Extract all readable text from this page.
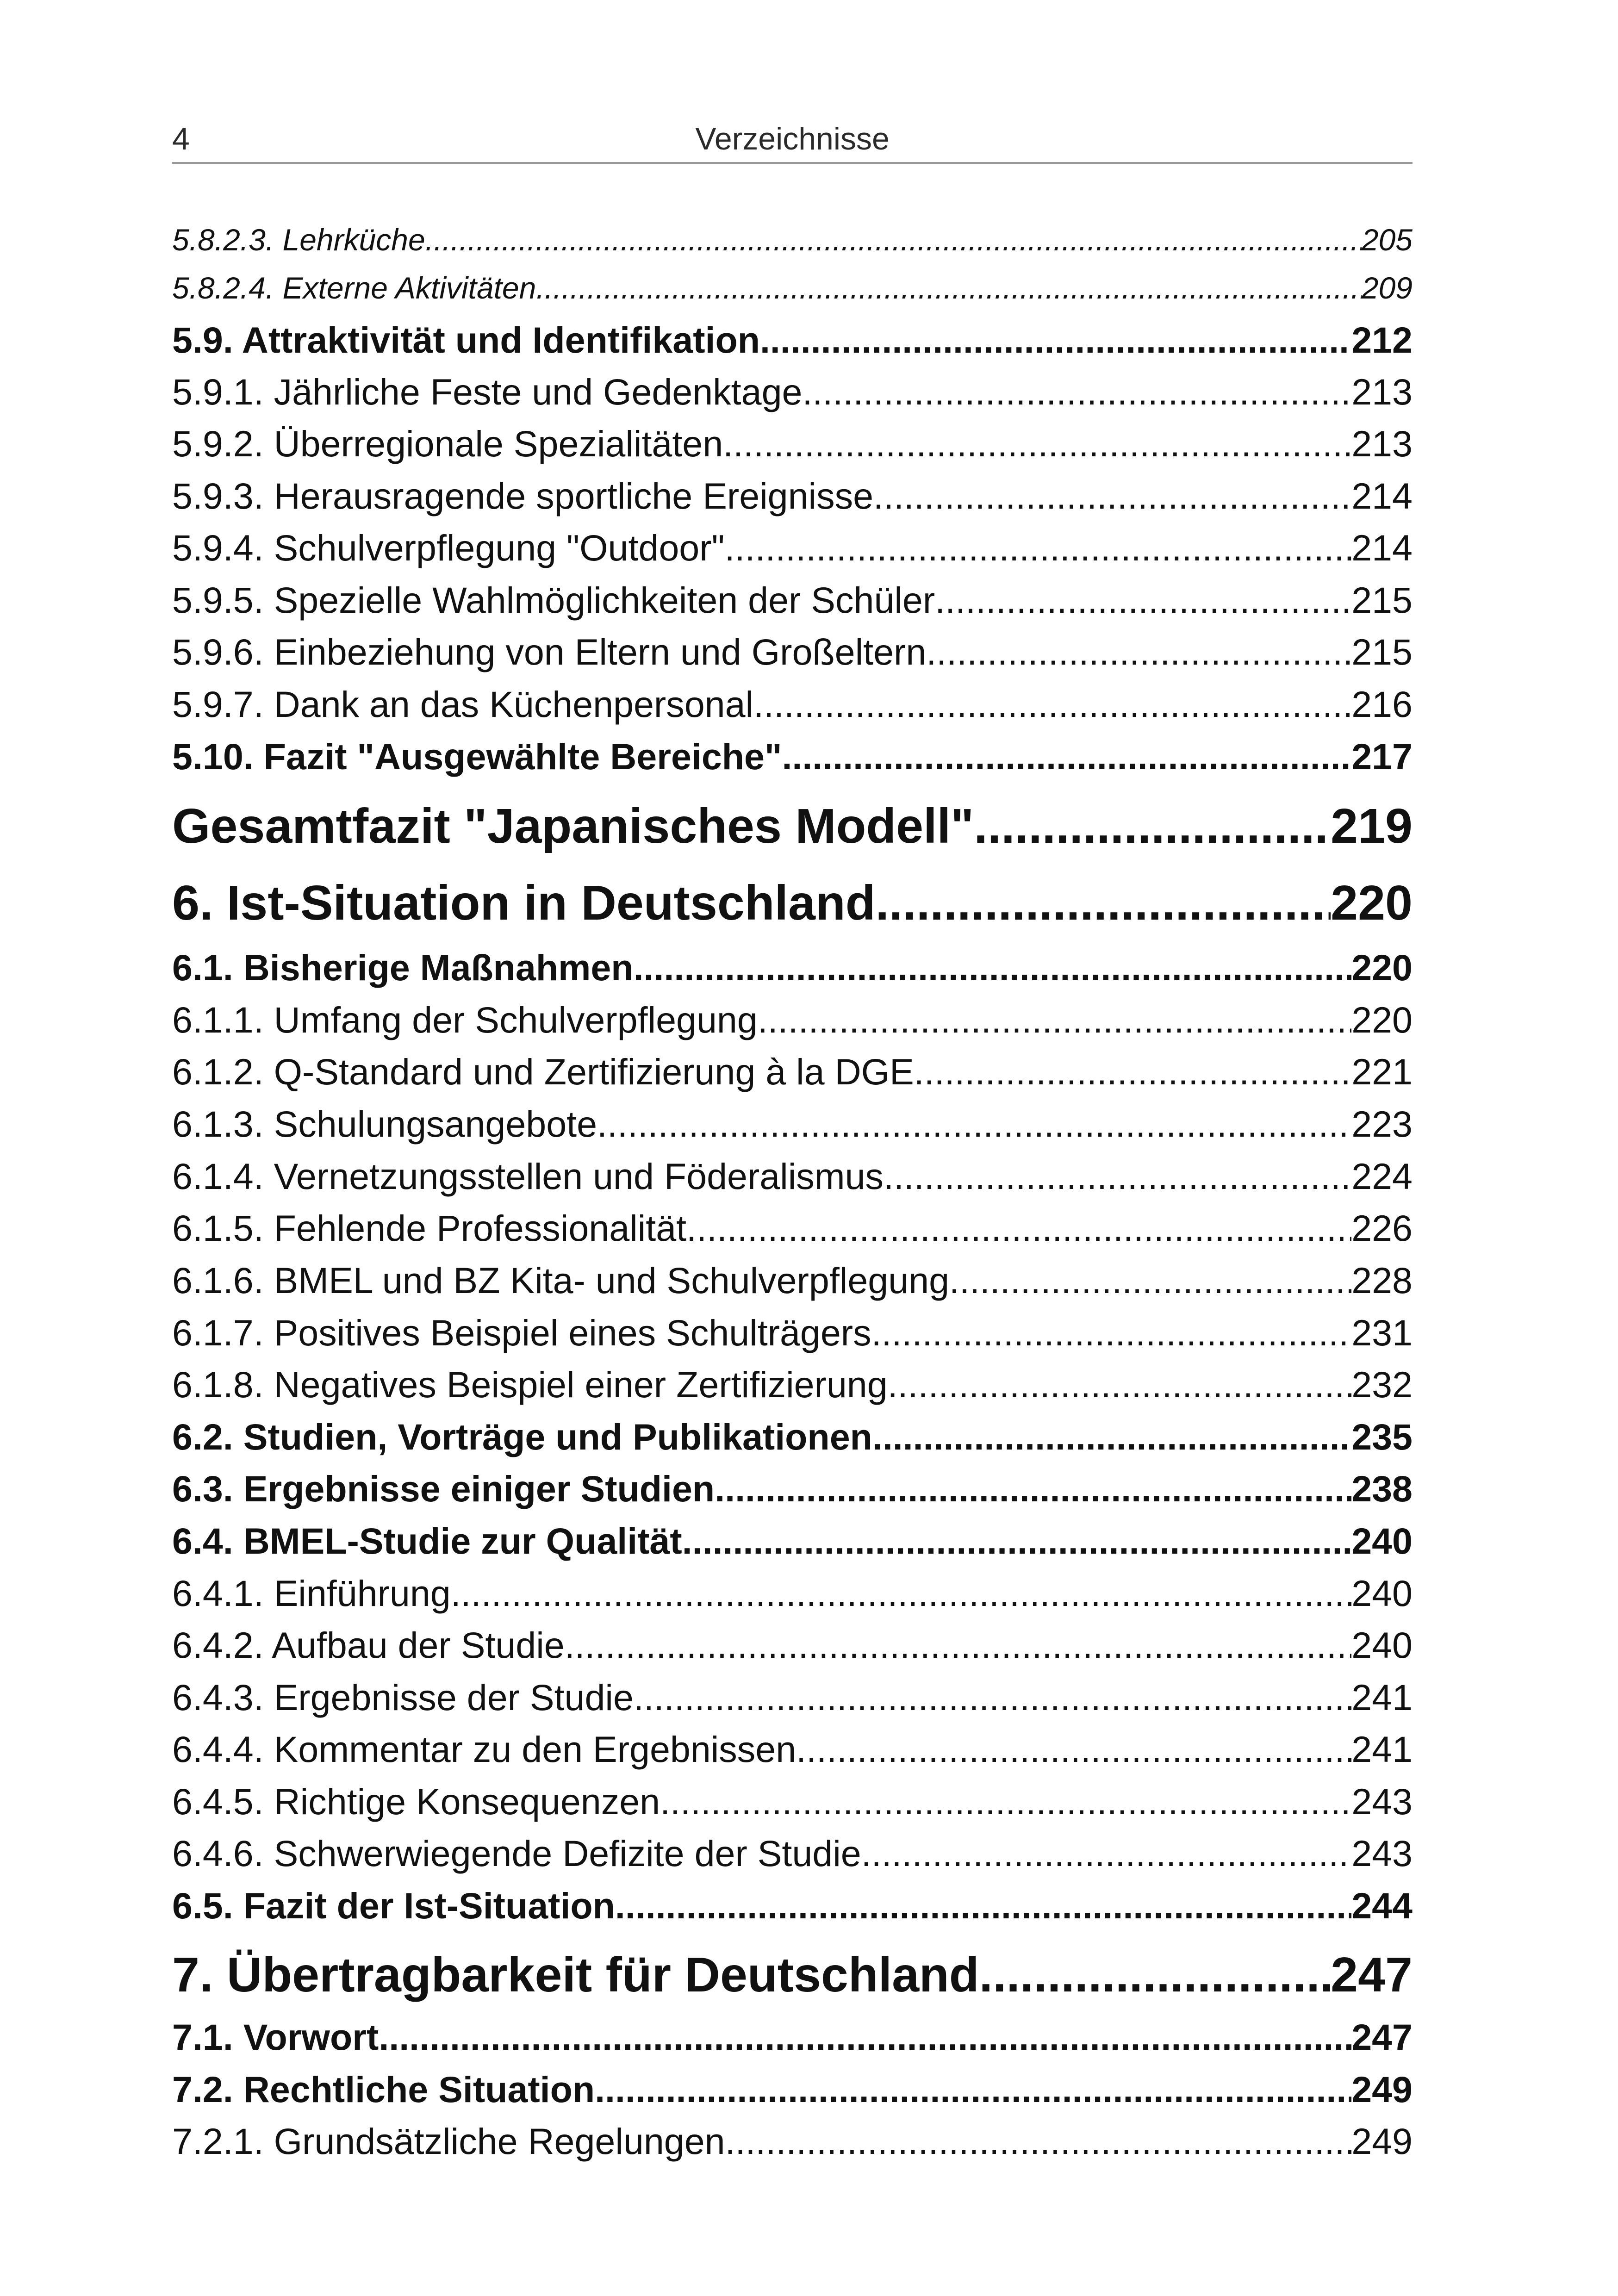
4	Verzeichnisse
5.8.2.3. Lehrküche .....	205
5.8.2.4. Externe Aktivitäten .....	209
5.9. Attraktivität und Identifikation .....	212
5.9.1. Jährliche Feste und Gedenktage .....	213
5.9.2. Überregionale Spezialitäten .....	213
5.9.3. Herausragende sportliche Ereignisse .....	214
5.9.4. Schulverpflegung "Outdoor" .....	214
5.9.5. Spezielle Wahlmöglichkeiten der Schüler .....	215
5.9.6. Einbeziehung von Eltern und Großeltern .....	215
5.9.7. Dank an das Küchenpersonal .....	216
5.10. Fazit "Ausgewählte Bereiche" .....	217
Gesamtfazit "Japanisches Modell" .....	219
6. Ist-Situation in Deutschland .....	220
6.1. Bisherige Maßnahmen .....	220
6.1.1. Umfang der Schulverpflegung .....	220
6.1.2. Q-Standard und Zertifizierung à la DGE .....	221
6.1.3. Schulungsangebote .....	223
6.1.4. Vernetzungsstellen und Föderalismus .....	224
6.1.5. Fehlende Professionalität .....	226
6.1.6. BMEL und BZ Kita- und Schulverpflegung .....	228
6.1.7. Positives Beispiel eines Schulträgers .....	231
6.1.8. Negatives Beispiel einer Zertifizierung .....	232
6.2. Studien, Vorträge und Publikationen .....	235
6.3. Ergebnisse einiger Studien .....	238
6.4. BMEL-Studie zur Qualität .....	240
6.4.1. Einführung .....	240
6.4.2. Aufbau der Studie .....	240
6.4.3. Ergebnisse der Studie .....	241
6.4.4. Kommentar zu den Ergebnissen .....	241
6.4.5. Richtige Konsequenzen .....	243
6.4.6. Schwerwiegende Defizite der Studie .....	243
6.5. Fazit der Ist-Situation .....	244
7. Übertragbarkeit für Deutschland .....	247
7.1. Vorwort .....	247
7.2. Rechtliche Situation .....	249
7.2.1. Grundsätzliche Regelungen .....	249
